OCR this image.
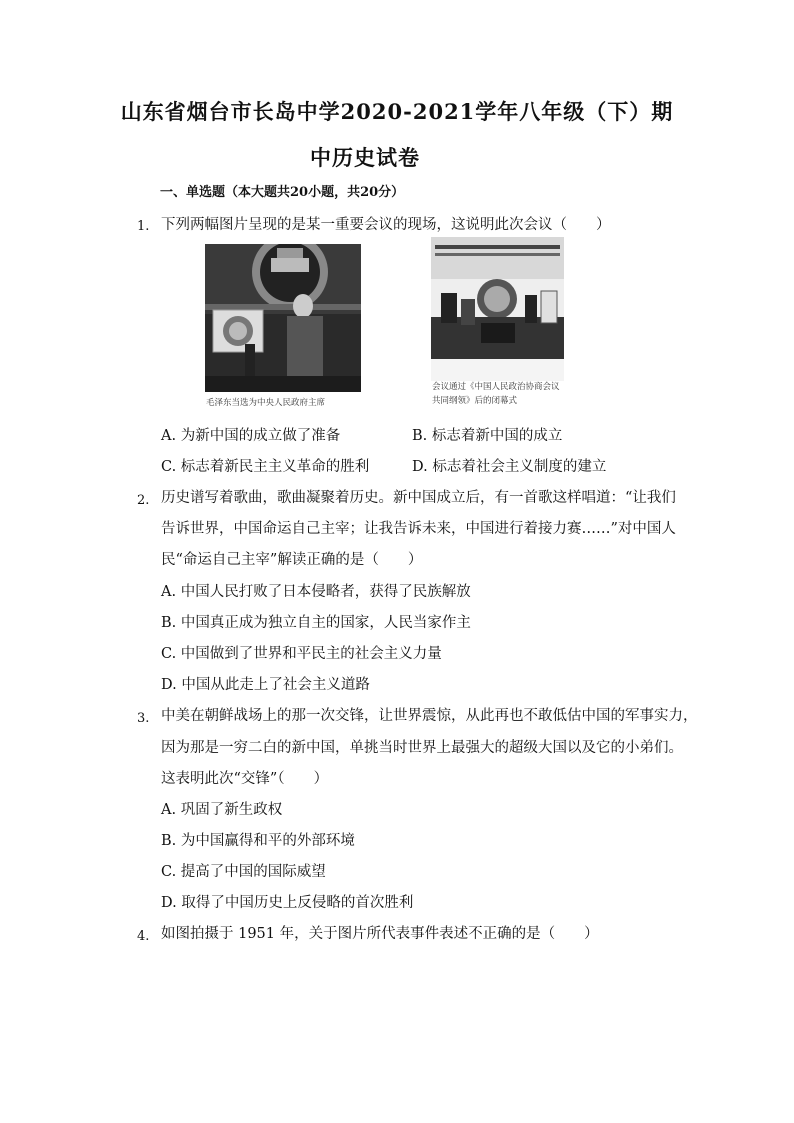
山东省烟台市长岛中学2020-2021学年八年级（下）期
中历史试卷
一、单选题（本大题共20小题，共20分）
1. 下列两幅图片呈现的是某一重要会议的现场，这说明此次会议（　　）
毛泽东当选为中央人民政府主席
会议通过《中国人民政治协商会议
共同纲领》后的闭幕式
A. 为新中国的成立做了准备	B. 标志着新中国的成立
C. 标志着新民主主义革命的胜利	D. 标志着社会主义制度的建立
2. 历史谱写着歌曲，歌曲凝聚着历史。新中国成立后，有一首歌这样唱道：“让我们
告诉世界，中国命运自己主宰；让我告诉未来，中国进行着接力赛……”对中国人
民“命运自己主宰”解读正确的是（　　）
A. 中国人民打败了日本侵略者，获得了民族解放
B. 中国真正成为独立自主的国家，人民当家作主
C. 中国做到了世界和平民主的社会主义力量
D. 中国从此走上了社会主义道路
3. 中美在朝鲜战场上的那一次交锋，让世界震惊，从此再也不敢低估中国的军事实力，
因为那是一穷二白的新中国，单挑当时世界上最强大的超级大国以及它的小弟们。
这表明此次“交锋”（　　）
A. 巩固了新生政权
B. 为中国赢得和平的外部环境
C. 提高了中国的国际威望
D. 取得了中国历史上反侵略的首次胜利
4. 如图拍摄于 1951 年，关于图片所代表事件表述不正确的是（　　）
